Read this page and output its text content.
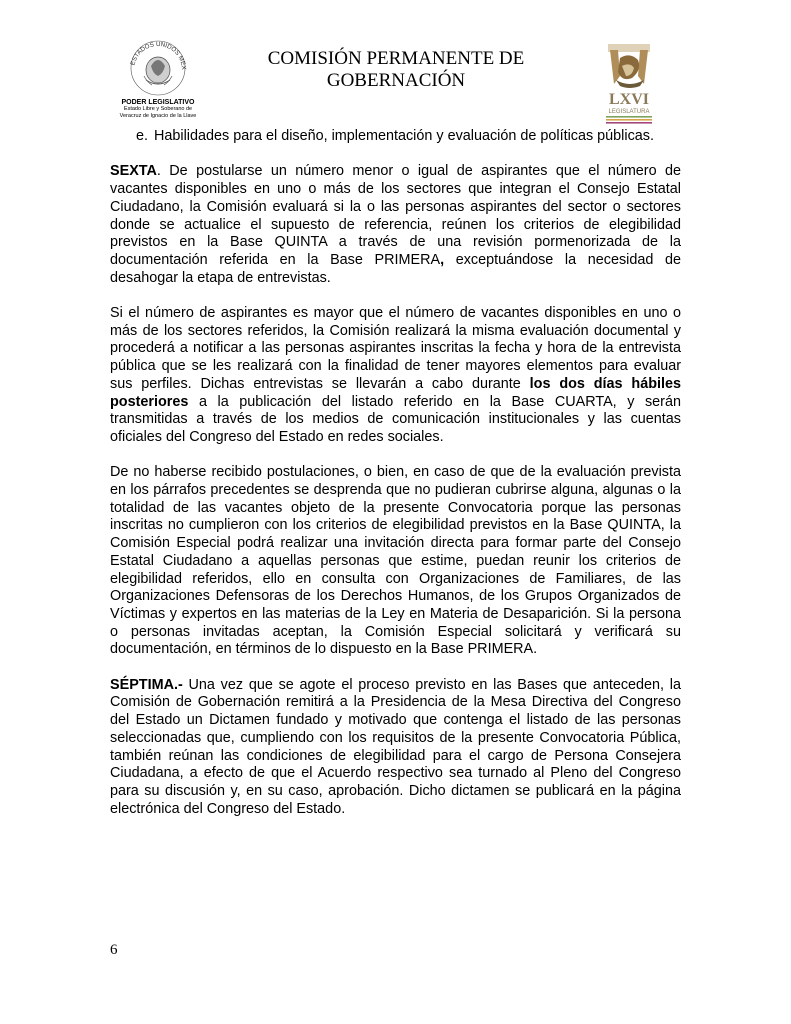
ESTADOS UNIDOS MEX
PODER LEGISLATIVO
Estado Libre y Soberano de
Veracruz de Ignacio de la Llave
COMISIÓN PERMANENTE DE
GOBERNACIÓN
LXVI
LEGISLATURA
e. Habilidades para el diseño, implementación y evaluación de políticas públicas.

SEXTA. De postularse un número menor o igual de aspirantes que el número de vacantes disponibles en uno o más de los sectores que integran el Consejo Estatal Ciudadano, la Comisión evaluará si la o las personas aspirantes del sector o sectores donde se actualice el supuesto de referencia, reúnen los criterios de elegibilidad previstos en la Base QUINTA a través de una revisión pormenorizada de la documentación referida en la Base PRIMERA, exceptuándose la necesidad de desahogar la etapa de entrevistas.

Si el número de aspirantes es mayor que el número de vacantes disponibles en uno o más de los sectores referidos, la Comisión realizará la misma evaluación documental y procederá a notificar a las personas aspirantes inscritas la fecha y hora de la entrevista pública que se les realizará con la finalidad de tener mayores elementos para evaluar sus perfiles. Dichas entrevistas se llevarán a cabo durante los dos días hábiles posteriores a la publicación del listado referido en la Base CUARTA, y serán transmitidas a través de los medios de comunicación institucionales y las cuentas oficiales del Congreso del Estado en redes sociales.

De no haberse recibido postulaciones, o bien, en caso de que de la evaluación prevista en los párrafos precedentes se desprenda que no pudieran cubrirse alguna, algunas o la totalidad de las vacantes objeto de la presente Convocatoria porque las personas inscritas no cumplieron con los criterios de elegibilidad previstos en la Base QUINTA, la Comisión Especial podrá realizar una invitación directa para formar parte del Consejo Estatal Ciudadano a aquellas personas que estime, puedan reunir los criterios de elegibilidad referidos, ello en consulta con Organizaciones de Familiares, de las Organizaciones Defensoras de los Derechos Humanos, de los Grupos Organizados de Víctimas y expertos en las materias de la Ley en Materia de Desaparición. Si la persona o personas invitadas aceptan, la Comisión Especial solicitará y verificará su documentación, en términos de lo dispuesto en la Base PRIMERA.

SÉPTIMA.- Una vez que se agote el proceso previsto en las Bases que anteceden, la Comisión de Gobernación remitirá a la Presidencia de la Mesa Directiva del Congreso del Estado un Dictamen fundado y motivado que contenga el listado de las personas seleccionadas que, cumpliendo con los requisitos de la presente Convocatoria Pública, también reúnan las condiciones de elegibilidad para el cargo de Persona Consejera Ciudadana, a efecto de que el Acuerdo respectivo sea turnado al Pleno del Congreso para su discusión y, en su caso, aprobación. Dicho dictamen se publicará en la página electrónica del Congreso del Estado.

6
